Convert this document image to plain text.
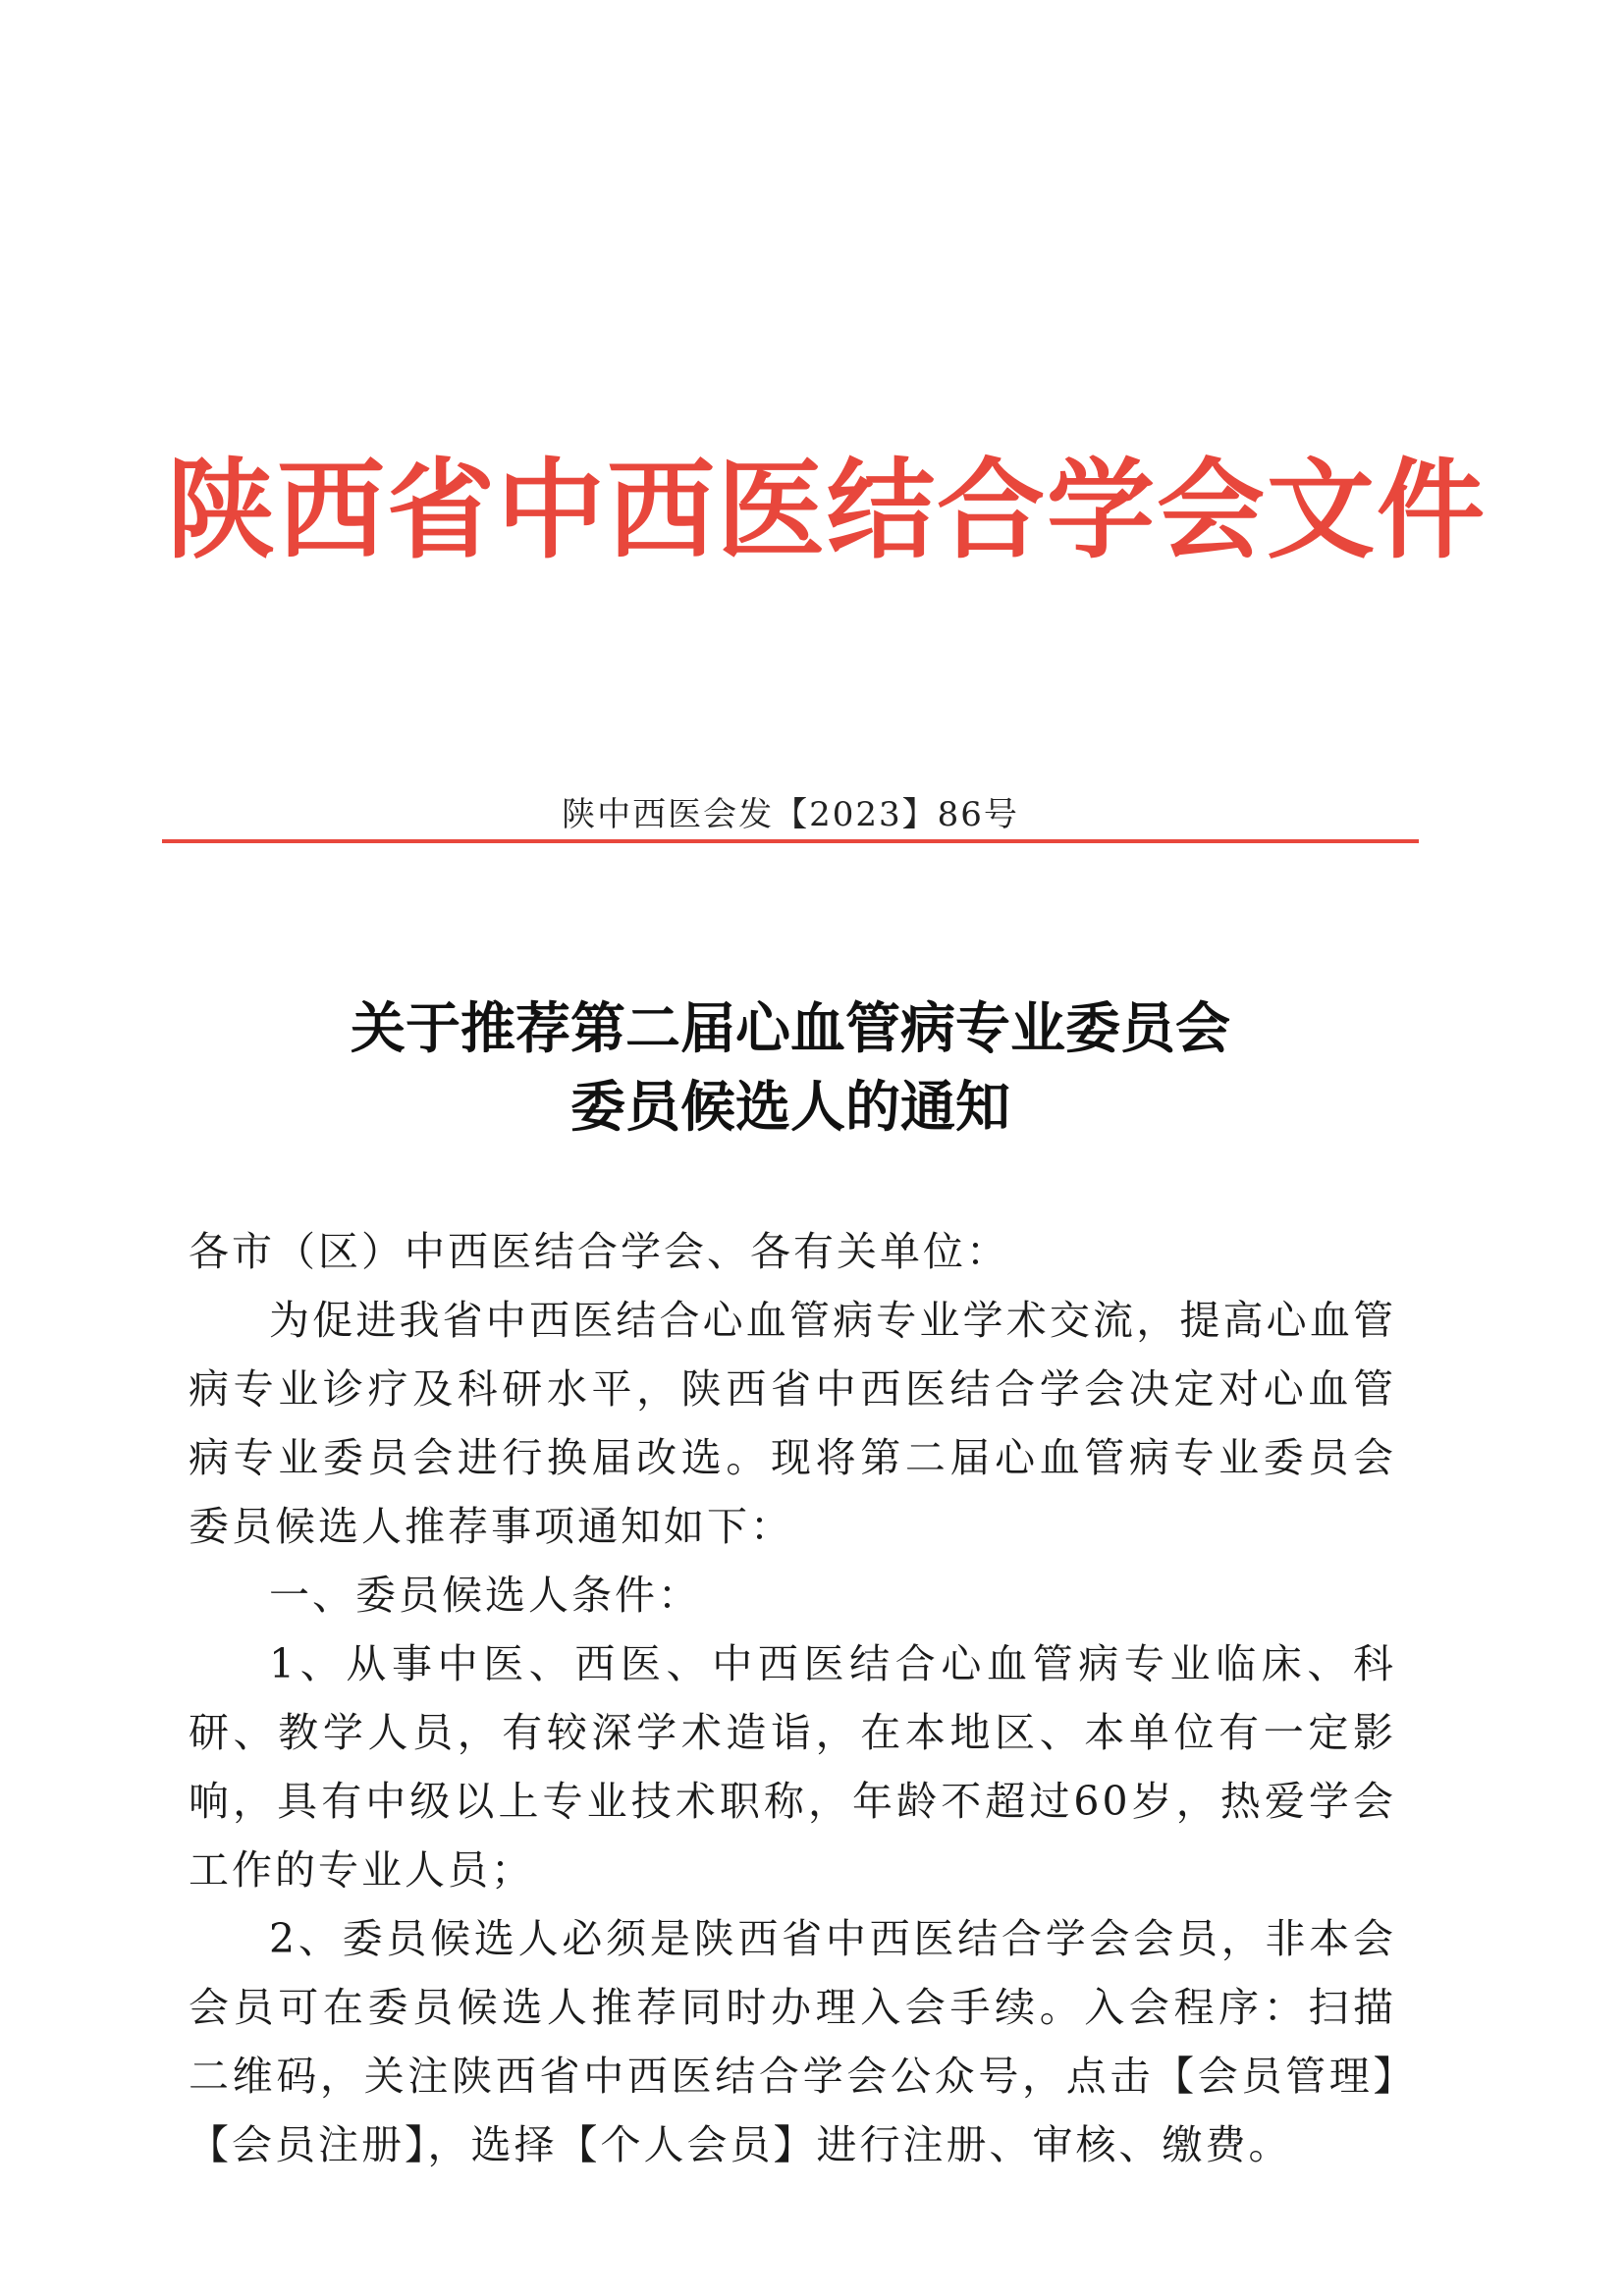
陕西省中西医结合学会文件
陕中西医会发【2023】86号
关于推荐第二届心血管病专业委员会
委员候选人的通知

各市（区）中西医结合学会、各有关单位：

为促进我省中西医结合心血管病专业学术交流，提高心血管病专业诊疗及科研水平，陕西省中西医结合学会决定对心血管病专业委员会进行换届改选。现将第二届心血管病专业委员会委员候选人推荐事项通知如下：

一、委员候选人条件：

1、从事中医、西医、中西医结合心血管病专业临床、科研、教学人员，有较深学术造诣，在本地区、本单位有一定影响，具有中级以上专业技术职称，年龄不超过60岁，热爱学会工作的专业人员；

2、委员候选人必须是陕西省中西医结合学会会员，非本会会员可在委员候选人推荐同时办理入会手续。入会程序：扫描二维码，关注陕西省中西医结合学会公众号，点击【会员管理】【会员注册】，选择【个人会员】进行注册、审核、缴费。
